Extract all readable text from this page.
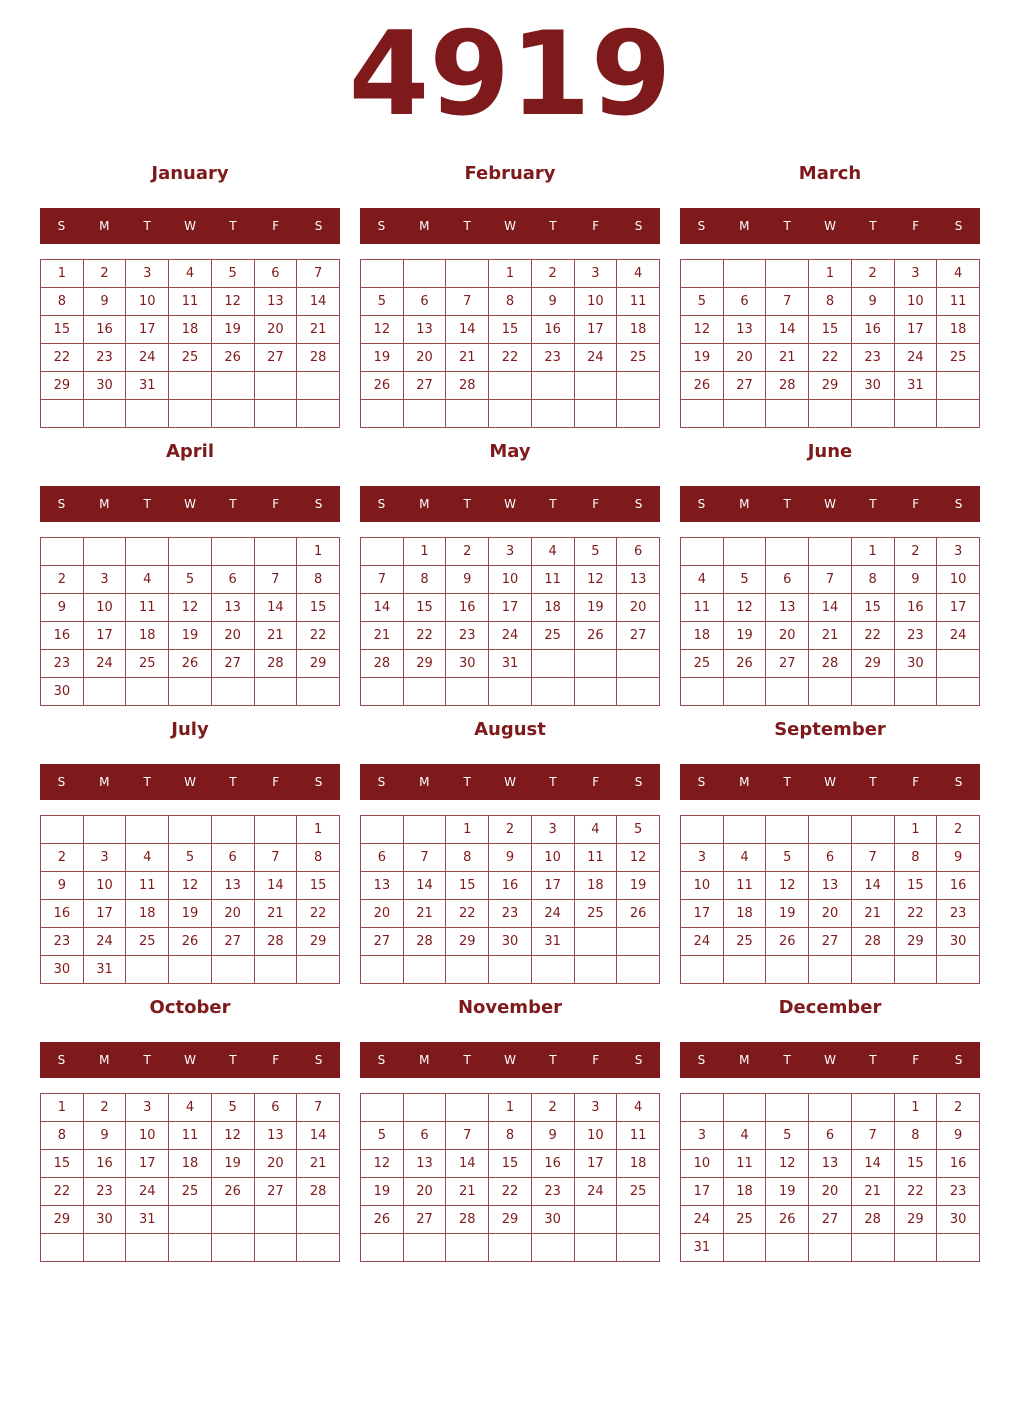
4919
January
S	M	T	W	T	F	S
1	2	3	4	5	6	7
8	9	10	11	12	13	14
15	16	17	18	19	20	21
22	23	24	25	26	27	28
29	30	31				

February
S	M	T	W	T	F	S
			1	2	3	4
5	6	7	8	9	10	11
12	13	14	15	16	17	18
19	20	21	22	23	24	25
26	27	28				

March
S	M	T	W	T	F	S
			1	2	3	4
5	6	7	8	9	10	11
12	13	14	15	16	17	18
19	20	21	22	23	24	25
26	27	28	29	30	31	

April
S	M	T	W	T	F	S
						1
2	3	4	5	6	7	8
9	10	11	12	13	14	15
16	17	18	19	20	21	22
23	24	25	26	27	28	29
30						
May
S	M	T	W	T	F	S
	1	2	3	4	5	6
7	8	9	10	11	12	13
14	15	16	17	18	19	20
21	22	23	24	25	26	27
28	29	30	31			

June
S	M	T	W	T	F	S
				1	2	3
4	5	6	7	8	9	10
11	12	13	14	15	16	17
18	19	20	21	22	23	24
25	26	27	28	29	30	

July
S	M	T	W	T	F	S
						1
2	3	4	5	6	7	8
9	10	11	12	13	14	15
16	17	18	19	20	21	22
23	24	25	26	27	28	29
30	31					
August
S	M	T	W	T	F	S
		1	2	3	4	5
6	7	8	9	10	11	12
13	14	15	16	17	18	19
20	21	22	23	24	25	26
27	28	29	30	31		

September
S	M	T	W	T	F	S
					1	2
3	4	5	6	7	8	9
10	11	12	13	14	15	16
17	18	19	20	21	22	23
24	25	26	27	28	29	30

October
S	M	T	W	T	F	S
1	2	3	4	5	6	7
8	9	10	11	12	13	14
15	16	17	18	19	20	21
22	23	24	25	26	27	28
29	30	31				

November
S	M	T	W	T	F	S
			1	2	3	4
5	6	7	8	9	10	11
12	13	14	15	16	17	18
19	20	21	22	23	24	25
26	27	28	29	30		

December
S	M	T	W	T	F	S
					1	2
3	4	5	6	7	8	9
10	11	12	13	14	15	16
17	18	19	20	21	22	23
24	25	26	27	28	29	30
31						
